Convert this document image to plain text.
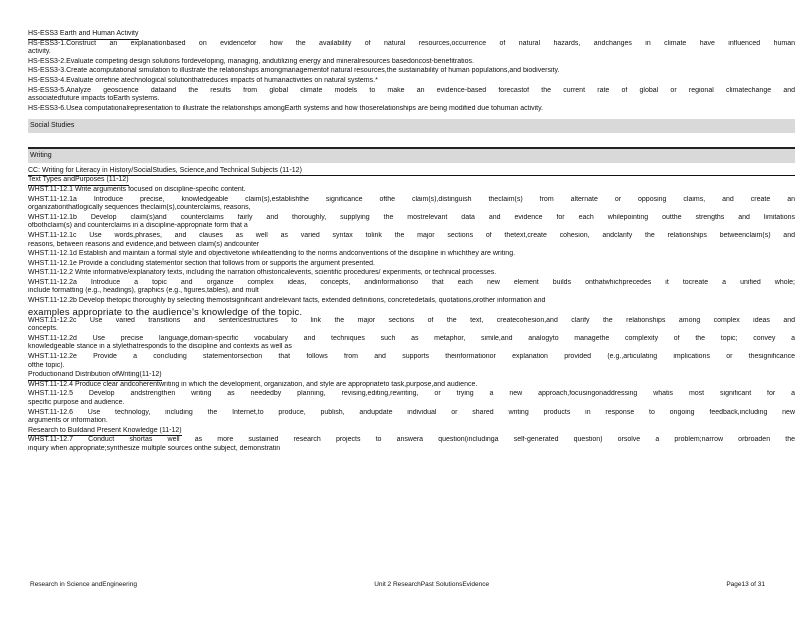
HS-ESS3 Earth and Human Activity
HS-ESS3-1.Construct an explanationbased on evidencefor how the availability of natural resources,occurrence of natural hazards, andchanges in climate have influenced human
activity.
HS-ESS3-2.Evaluate competing design solutions fordeveloping, managing, andutilizing energy and mineralresources basedoncost-benefitratios.
HS-ESS3-3.Create acomputational simulation to illustrate the relationships amongmanagementof natural resources,the sustainability of human populations,and biodiversity.
HS-ESS3-4.Evaluate orrefine atechnological solutionthatreduces impacts of humanactivities on natural systems.*
HS-ESS3-5.Analyze geoscience dataand the results from global climate models to make an evidence-based forecastof the current rate of global or regional climatechange and
associatedfuture impacts toEarth systems.
HS-ESS3-6.Usea computationalrepresentation to illustrate the relationships amongEarth systems and how thoserelationships are being modified due tohuman activity.
Social Studies
Writing
CC: Writing for Literacy in History/SocialStudies, Science,and Technical Subjects (11-12)
Text Types andPurposes (11-12)
WHST.11-12.1 Write arguments focused on discipline-specific content.
WHST.11-12.1a Introduce precise, knowledgeable claim(s),establishthe significance ofthe claim(s),distinguish theclaim(s) from alternate or opposing claims, and create an
organizationthatlogically sequences theclaim(s),counterclaims, reasons,
WHST.11-12.1b Develop claim(s)and counterclaims fairly and thoroughly, supplying the mostrelevant data and evidence for each whilepointing outthe strengths and limitations
ofbothclaim(s) and counterclaims in a discipline-appropriate form that a
WHST.11-12.1c Use words,phrases, and clauses as well as varied syntax tolink the major sections of thetext,create cohesion, andclarify the relationships betweenclaim(s) and
reasons, between reasons and evidence,and between claim(s) andcounter
WHST.11-12.1d Establish and maintain a formal style and objectivetone whileattending to the norms andconventions of the discipline in whichthey are writing.
WHST.11-12.1e Provide a concluding statementor section that follows from or supports the argument presented.
WHST.11-12.2 Write informative/explanatory texts, including the narration ofhistoricalevents, scientific procedures/ experiments, or technical processes.
WHST.11-12.2a Introduce a topic and organize complex ideas, concepts, andinformationso that each new element builds onthatwhichprecedes it tocreate a unified whole;
include formatting (e.g., headings), graphics (e.g., figures,tables), and mult
WHST.11-12.2b Develop thetopic thoroughly by selecting themostsignificant andrelevant facts, extended definitions, concretedetails, quotations,orother information and
examples appropriate to the audience's knowledge of the topic.
WHST.11-12.2c Use varied transitions and sentencestructures to link the major sections of the text, createcohesion,and clarify the relationships among complex ideas and
concepts.
WHST.11-12.2d Use precise language,domain-specific vocabulary and techniques such as metaphor, simile,and analogyto managethe complexity of the topic; convey a
knowledgeable stance in a stylethatresponds to the discipline and contexts as well as
WHST.11-12.2e Provide a concluding statementorsection that follows from and supports theinformationor explanation provided (e.g.,articulating implications or thesignificance
ofthe topic).
Productionand Distribution ofWriting(11-12)
WHST.11-12.4 Produce clear andcoherentwriting in which the development, organization, and style are appropriateto task,purpose,and audience.
WHST.11-12.5 Develop andstrengthen writing as neededby planning, revising,editing,rewriting, or trying a new approach,focusingonaddressing whatis most significant for a
specific purpose and audience.
WHST.11-12.6 Use technology, including the Internet,to produce, publish, andupdate individual or shared writing products in response to ongoing feedback,including new
arguments or information.
Research to Buildand Present Knowledge (11-12)
WHST.11-12.7 Conduct shortas well as more sustained research projects to answera question(includinga self-generated question) orsolve a problem;narrow orbroaden the
inquiry when appropriate;synthesize multiple sources onthe subject, demonstratin
Research in Science andEngineering	Unit 2 ResearchPast SolutionsEvidence	Page13 of 31
